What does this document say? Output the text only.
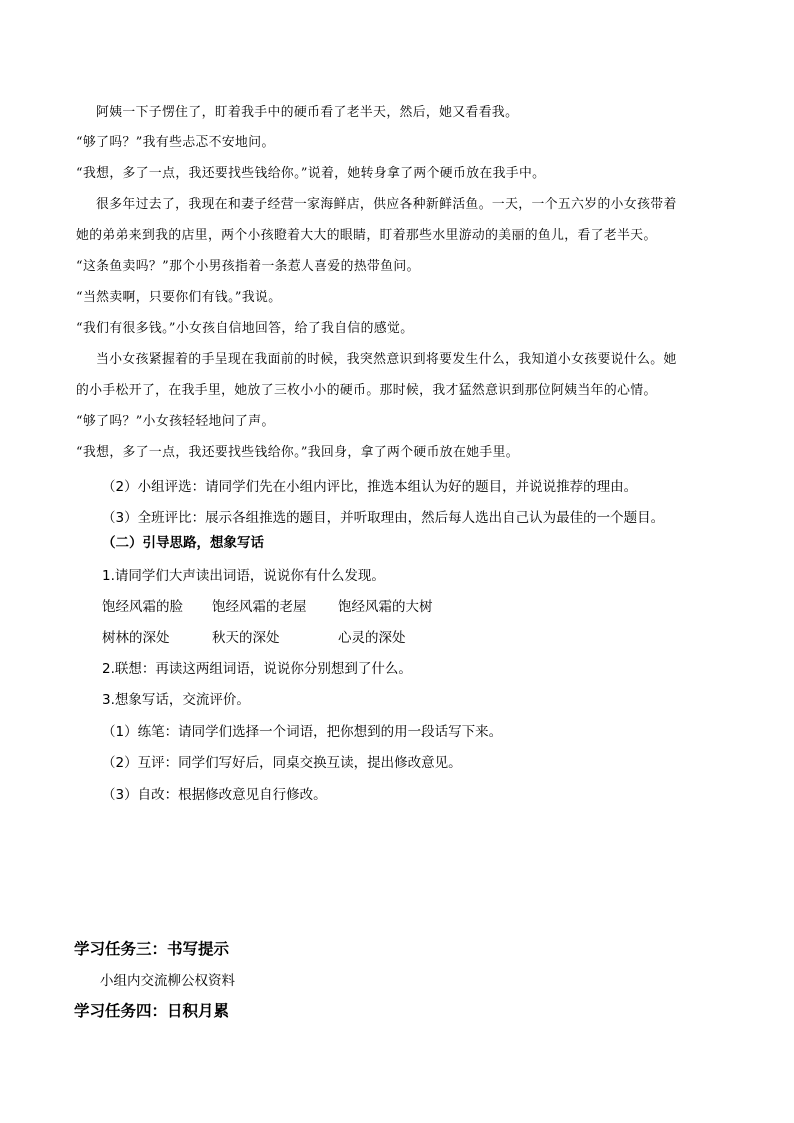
阿姨一下子愣住了，盯着我手中的硬币看了老半天，然后，她又看看我。
“够了吗？”我有些忐忑不安地问。
“我想，多了一点，我还要找些钱给你。”说着，她转身拿了两个硬币放在我手中。
很多年过去了，我现在和妻子经营一家海鲜店，供应各种新鲜活鱼。一天，一个五六岁的小女孩带着
她的弟弟来到我的店里，两个小孩瞪着大大的眼睛，盯着那些水里游动的美丽的鱼儿，看了老半天。
“这条鱼卖吗？”那个小男孩指着一条惹人喜爱的热带鱼问。
“当然卖啊，只要你们有钱。”我说。
“我们有很多钱。”小女孩自信地回答，给了我自信的感觉。
当小女孩紧握着的手呈现在我面前的时候，我突然意识到将要发生什么，我知道小女孩要说什么。她
的小手松开了，在我手里，她放了三枚小小的硬币。那时候，我才猛然意识到那位阿姨当年的心情。
“够了吗？”小女孩轻轻地问了声。
“我想，多了一点，我还要找些钱给你。”我回身，拿了两个硬币放在她手里。
（2）小组评选：请同学们先在小组内评比，推选本组认为好的题目，并说说推荐的理由。
（3）全班评比：展示各组推选的题目，并听取理由，然后每人选出自己认为最佳的一个题目。
（二）引导思路，想象写话
1.请同学们大声读出词语，说说你有什么发现。
饱经风霜的脸 饱经风霜的老屋 饱经风霜的大树
树林的深处	秋天的深处	心灵的深处
2.联想：再读这两组词语，说说你分别想到了什么。
3.想象写话，交流评价。
（1）练笔：请同学们选择一个词语，把你想到的用一段话写下来。
（2）互评：同学们写好后，同桌交换互读，提出修改意见。
（3）自改：根据修改意见自行修改。
学习任务三：书写提示
小组内交流柳公权资料
学习任务四：日积月累
